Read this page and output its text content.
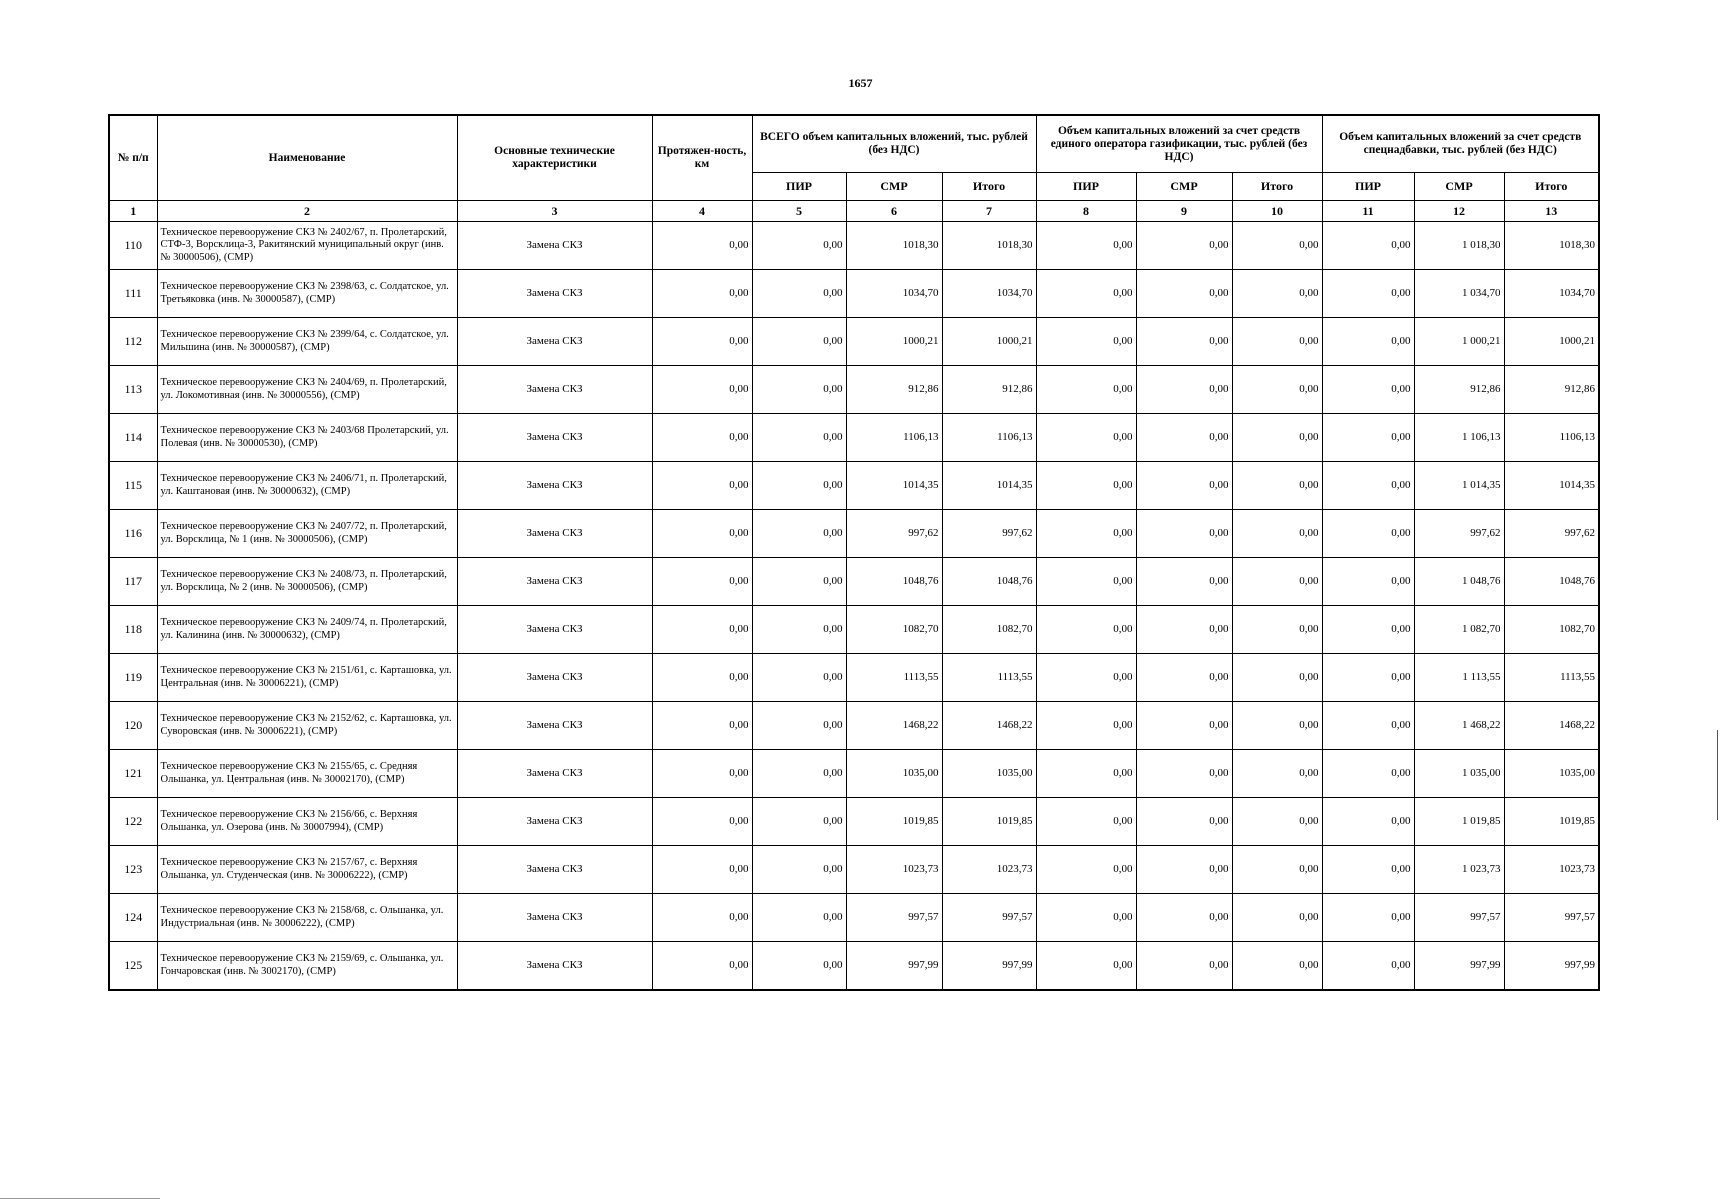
1657
№ п/п	Наименование	Основные технические характеристики	Протяжен-ность, км	ВСЕГО объем капитальных вложений, тыс. рублей (без НДС)			Объем капитальных вложений за счет средств единого оператора газификации, тыс. рублей (без НДС)			Объем капитальных вложений за счет средств спецнадбавки, тыс. рублей (без НДС)		
				ПИР	СМР	Итого	ПИР	СМР	Итого	ПИР	СМР	Итого
1	2	3	4	5	6	7	8	9	10	11	12	13
110	Техническое перевооружение СКЗ № 2402/67, п. Пролетарский, СТФ-3, Ворсклица-3, Ракитянский муниципальный округ (инв. № 30000506), (СМР)	Замена СКЗ	0,00	0,00	1018,30	1018,30	0,00	0,00	0,00	0,00	1 018,30	1018,30
111	Техническое перевооружение СКЗ № 2398/63, с. Солдатское, ул. Третьяковка (инв. № 30000587), (СМР)	Замена СКЗ	0,00	0,00	1034,70	1034,70	0,00	0,00	0,00	0,00	1 034,70	1034,70
112	Техническое перевооружение СКЗ № 2399/64, с. Солдатское, ул. Мильшина (инв. № 30000587), (СМР)	Замена СКЗ	0,00	0,00	1000,21	1000,21	0,00	0,00	0,00	0,00	1 000,21	1000,21
113	Техническое перевооружение СКЗ № 2404/69, п. Пролетарский, ул. Локомотивная (инв. № 30000556), (СМР)	Замена СКЗ	0,00	0,00	912,86	912,86	0,00	0,00	0,00	0,00	912,86	912,86
114	Техническое перевооружение СКЗ № 2403/68 Пролетарский, ул. Полевая (инв. № 30000530), (СМР)	Замена СКЗ	0,00	0,00	1106,13	1106,13	0,00	0,00	0,00	0,00	1 106,13	1106,13
115	Техническое перевооружение СКЗ № 2406/71, п. Пролетарский, ул. Каштановая (инв. № 30000632), (СМР)	Замена СКЗ	0,00	0,00	1014,35	1014,35	0,00	0,00	0,00	0,00	1 014,35	1014,35
116	Техническое перевооружение СКЗ № 2407/72, п. Пролетарский, ул. Ворсклица, № 1 (инв. № 30000506), (СМР)	Замена СКЗ	0,00	0,00	997,62	997,62	0,00	0,00	0,00	0,00	997,62	997,62
117	Техническое перевооружение СКЗ № 2408/73, п. Пролетарский, ул. Ворсклица, № 2 (инв. № 30000506), (СМР)	Замена СКЗ	0,00	0,00	1048,76	1048,76	0,00	0,00	0,00	0,00	1 048,76	1048,76
118	Техническое перевооружение СКЗ № 2409/74, п. Пролетарский, ул. Калинина (инв. № 30000632), (СМР)	Замена СКЗ	0,00	0,00	1082,70	1082,70	0,00	0,00	0,00	0,00	1 082,70	1082,70
119	Техническое перевооружение СКЗ № 2151/61, с. Карташовка, ул. Центральная (инв. № 30006221), (СМР)	Замена СКЗ	0,00	0,00	1113,55	1113,55	0,00	0,00	0,00	0,00	1 113,55	1113,55
120	Техническое перевооружение СКЗ № 2152/62, с. Карташовка, ул. Суворовская (инв. № 30006221), (СМР)	Замена СКЗ	0,00	0,00	1468,22	1468,22	0,00	0,00	0,00	0,00	1 468,22	1468,22
121	Техническое перевооружение СКЗ № 2155/65, с. Средняя Ольшанка, ул. Центральная (инв. № 30002170), (СМР)	Замена СКЗ	0,00	0,00	1035,00	1035,00	0,00	0,00	0,00	0,00	1 035,00	1035,00
122	Техническое перевооружение СКЗ № 2156/66, с. Верхняя Ольшанка, ул. Озерова (инв. № 30007994), (СМР)	Замена СКЗ	0,00	0,00	1019,85	1019,85	0,00	0,00	0,00	0,00	1 019,85	1019,85
123	Техническое перевооружение СКЗ № 2157/67, с. Верхняя Ольшанка, ул. Студенческая (инв. № 30006222), (СМР)	Замена СКЗ	0,00	0,00	1023,73	1023,73	0,00	0,00	0,00	0,00	1 023,73	1023,73
124	Техническое перевооружение СКЗ № 2158/68, с. Ольшанка, ул. Индустриальная (инв. № 30006222), (СМР)	Замена СКЗ	0,00	0,00	997,57	997,57	0,00	0,00	0,00	0,00	997,57	997,57
125	Техническое перевооружение СКЗ № 2159/69, с. Ольшанка, ул. Гончаровская (инв. № 3002170), (СМР)	Замена СКЗ	0,00	0,00	997,99	997,99	0,00	0,00	0,00	0,00	997,99	997,99
